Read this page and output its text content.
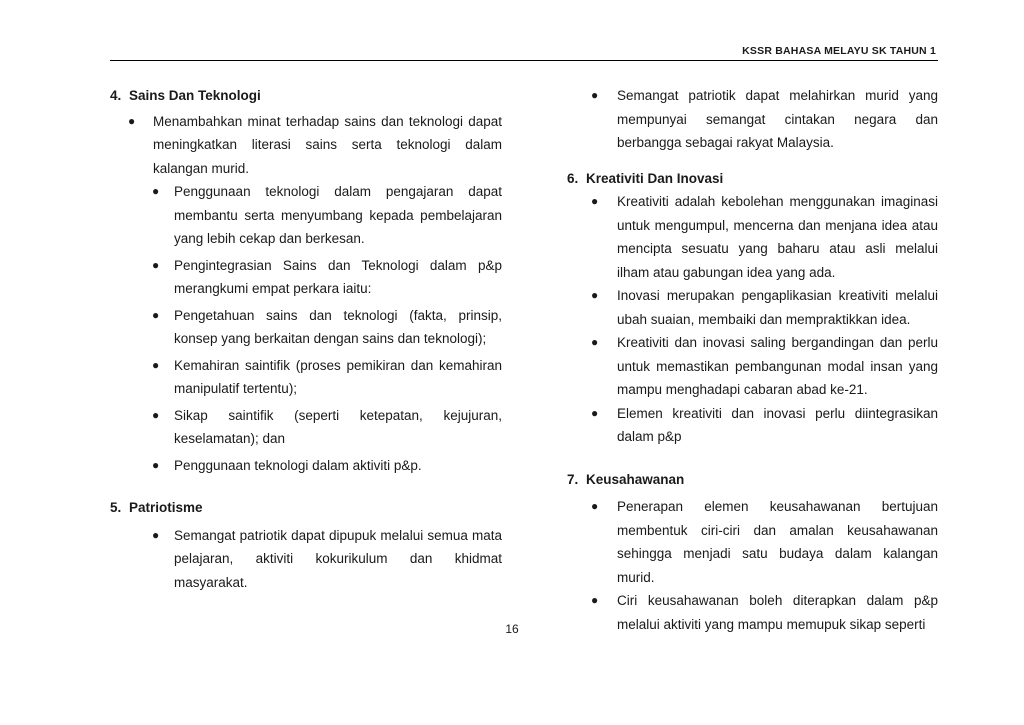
KSSR BAHASA MELAYU SK TAHUN 1

4. Sains Dan Teknologi

● Menambahkan minat terhadap sains dan teknologi dapat meningkatkan literasi sains serta teknologi dalam kalangan murid.
● Penggunaan teknologi dalam pengajaran dapat membantu serta menyumbang kepada pembelajaran yang lebih cekap dan berkesan.
● Pengintegrasian Sains dan Teknologi dalam p&p merangkumi empat perkara iaitu:
● Pengetahuan sains dan teknologi (fakta, prinsip, konsep yang berkaitan dengan sains dan teknologi);
● Kemahiran saintifik (proses pemikiran dan kemahiran manipulatif tertentu);
● Sikap saintifik (seperti ketepatan, kejujuran, keselamatan); dan
● Penggunaan teknologi dalam aktiviti p&p.

5. Patriotisme

● Semangat patriotik dapat dipupuk melalui semua mata pelajaran, aktiviti kokurikulum dan khidmat masyarakat.
● Semangat patriotik dapat melahirkan murid yang mempunyai semangat cintakan negara dan berbangga sebagai rakyat Malaysia.

6. Kreativiti Dan Inovasi

● Kreativiti adalah kebolehan menggunakan imaginasi untuk mengumpul, mencerna dan menjana idea atau mencipta sesuatu yang baharu atau asli melalui ilham atau gabungan idea yang ada.
● Inovasi merupakan pengaplikasian kreativiti melalui ubah suaian, membaiki dan mempraktikkan idea.
● Kreativiti dan inovasi saling bergandingan dan perlu untuk memastikan pembangunan modal insan yang mampu menghadapi cabaran abad ke-21.
● Elemen kreativiti dan inovasi perlu diintegrasikan dalam p&p

7. Keusahawanan

● Penerapan elemen keusahawanan bertujuan membentuk ciri-ciri dan amalan keusahawanan sehingga menjadi satu budaya dalam kalangan murid.
● Ciri keusahawanan boleh diterapkan dalam p&p melalui aktiviti yang mampu memupuk sikap seperti
16
